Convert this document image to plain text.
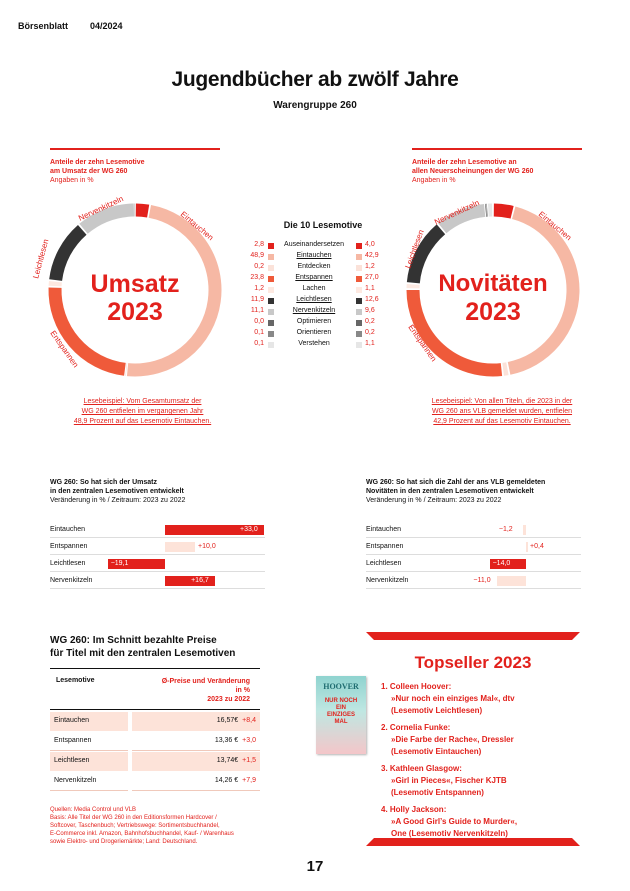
Börsenblatt 04/2024
Jugendbücher ab zwölf Jahre
Warengruppe 260
Anteile der zehn Lesemotive
am Umsatz der WG 260
Angaben in %
Nervenkitzeln
Eintauchen
Leichtlesen
Entspannen
Umsatz
2023
Lesebeispiel: Vom Gesamtumsatz der
WG 260 entfielen im vergangenen Jahr
48,9 Prozent auf das Lesemotiv Eintauchen.
Anteile der zehn Lesemotive an
allen Neuerscheinungen der WG 260
Angaben in %
Nervenkitzeln	Eintauchen
Leichtlesen
Entspannen
Novitäten
2023
Lesebeispiel: Von allen Titeln, die 2023 in der
WG 260 ans VLB gemeldet wurden, entfielen
42,9 Prozent auf das Lesemotiv Eintauchen.
Die 10 Lesemotive
2,8	Auseinandersetzen	4,0
48,9	Eintauchen	42,9
0,2	Entdecken	1,2
23,8	Entspannen	27,0
1,2	Lachen	1,1
11,9	Leichtlesen	12,6
11,1	Nervenkitzeln	9,6
0,0	Optimieren	0,2
0,1	Orientieren	0,2
0,1	Verstehen	1,1
WG 260: So hat sich der Umsatz
in den zentralen Lesemotiven entwickelt
Veränderung in % / Zeitraum: 2023 zu 2022
Eintauchen	+33,0
Entspannen	+10,0
Leichtlesen	−19,1
Nervenkitzeln	+16,7
WG 260: So hat sich die Zahl der ans VLB gemeldeten
Novitäten in den zentralen Lesemotiven entwickelt
Veränderung in % / Zeitraum: 2023 zu 2022
Eintauchen	−1,2
Entspannen	+0,4
Leichtlesen	−14,0
Nervenkitzeln	−11,0
WG 260: Im Schnitt bezahlte Preise
für Titel mit den zentralen Lesemotiven
Lesemotive	Ø-Preise und Veränderung
in %
2023 zu 2022
Eintauchen	16,57€ +8,4
Entspannen	13,36 € +3,0
Leichtlesen	13,74€ +1,5
Nervenkitzeln	14,26 € +7,9
Quellen: Media Control und VLB
Basis: Alle Titel der WG 260 in den Editionsformen Hardcover /
Softcover, Taschenbuch; Vertriebswege: Sortimentsbuchhandel,
E-Commerce inkl. Amazon, Bahnhofsbuchhandel, Kauf- / Warenhaus
sowie Elektro- und Drogeriemärkte; Land: Deutschland.
Topseller 2023
HOOVER
NUR NOCH EIN EINZIGES MAL
1. Colleen Hoover:
»Nur noch ein einziges Mal«, dtv
(Lesemotiv Leichtlesen)
2. Cornelia Funke:
»Die Farbe der Rache«, Dressler
(Lesemotiv Eintauchen)
3. Kathleen Glasgow:
»Girl in Pieces«, Fischer KJTB
(Lesemotiv Entspannen)
4. Holly Jackson:
»A Good Girl’s Guide to Murder«,
One (Lesemotiv Nervenkitzeln)
17
